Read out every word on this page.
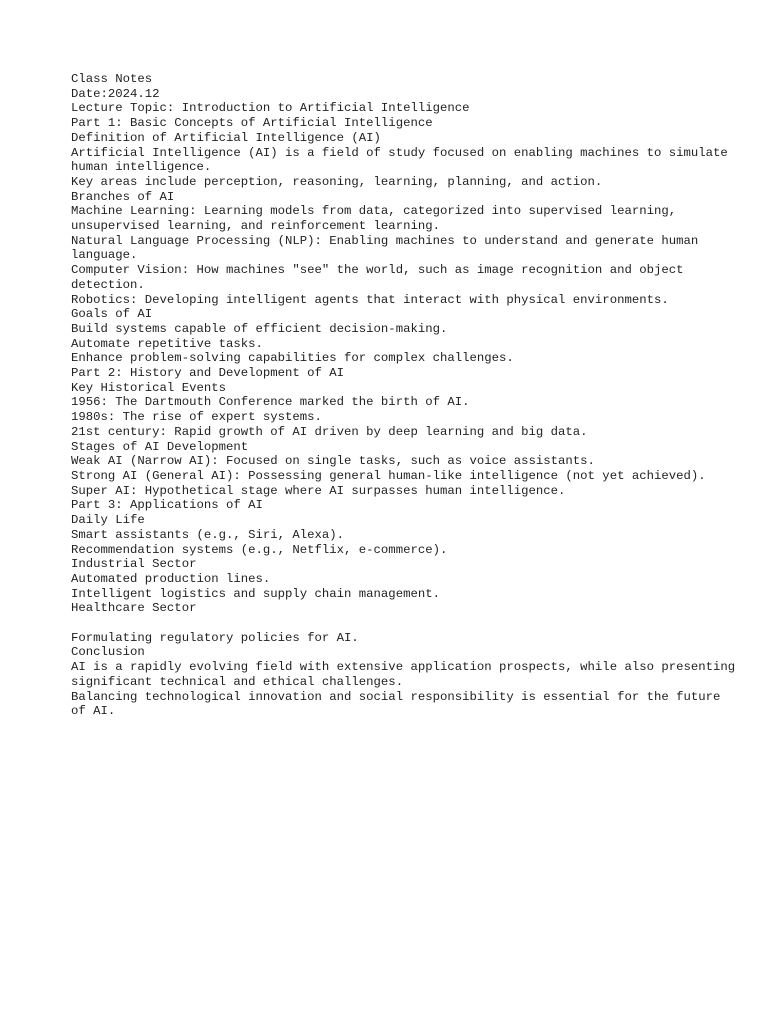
Class Notes

Date:2024.12

Lecture Topic: Introduction to Artificial Intelligence

Part 1: Basic Concepts of Artificial Intelligence

Definition of Artificial Intelligence (AI)

Artificial Intelligence (AI) is a field of study focused on enabling machines to simulate human intelligence.

Key areas include perception, reasoning, learning, planning, and action.

Branches of AI

Machine Learning: Learning models from data, categorized into supervised learning, unsupervised learning, and reinforcement learning.

Natural Language Processing (NLP): Enabling machines to understand and generate human language.

Computer Vision: How machines "see" the world, such as image recognition and object detection.

Robotics: Developing intelligent agents that interact with physical environments.

Goals of AI

Build systems capable of efficient decision-making.

Automate repetitive tasks.

Enhance problem-solving capabilities for complex challenges.

Part 2: History and Development of AI

Key Historical Events

1956: The Dartmouth Conference marked the birth of AI.

1980s: The rise of expert systems.

21st century: Rapid growth of AI driven by deep learning and big data.

Stages of AI Development

Weak AI (Narrow AI): Focused on single tasks, such as voice assistants.

Strong AI (General AI): Possessing general human-like intelligence (not yet achieved).

Super AI: Hypothetical stage where AI surpasses human intelligence.

Part 3: Applications of AI

Daily Life

Smart assistants (e.g., Siri, Alexa).

Recommendation systems (e.g., Netflix, e-commerce).

Industrial Sector

Automated production lines.

Intelligent logistics and supply chain management.

Healthcare Sector

Formulating regulatory policies for AI.

Conclusion

AI is a rapidly evolving field with extensive application prospects, while also presenting significant technical and ethical challenges.

Balancing technological innovation and social responsibility is essential for the future of AI.
